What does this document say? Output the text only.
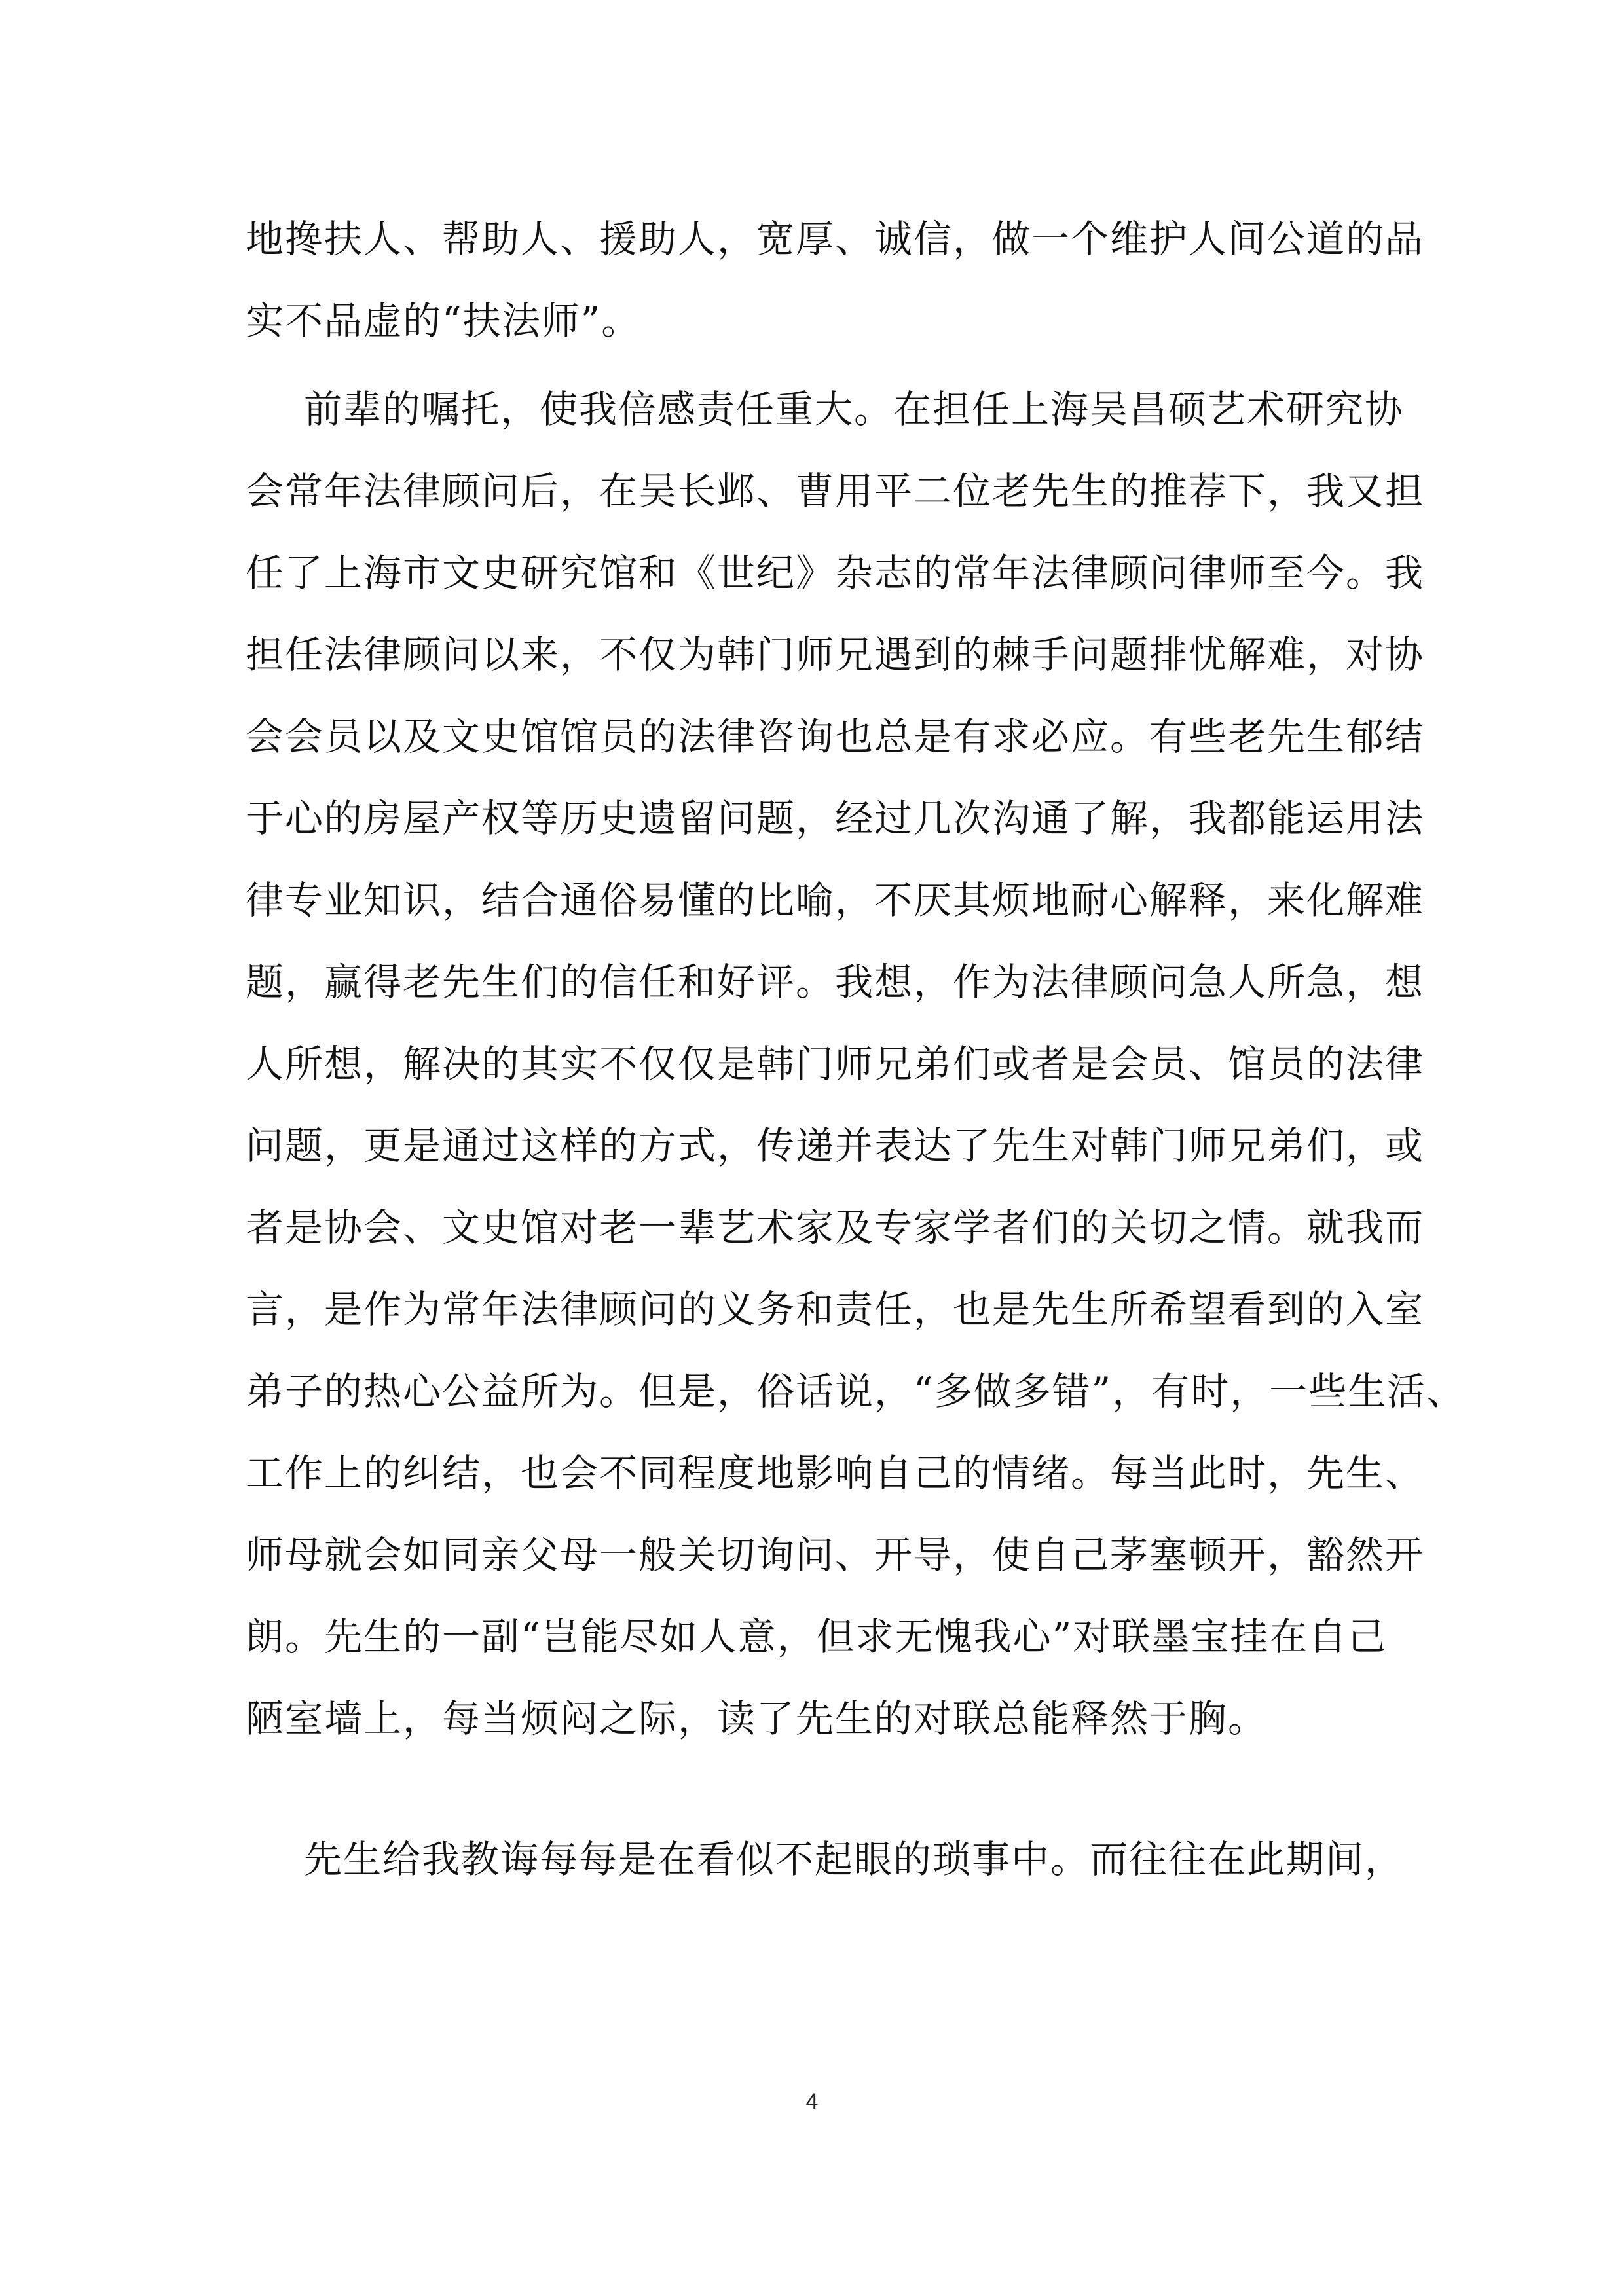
地搀扶人、帮助人、援助人，宽厚、诚信，做一个维护人间公道的品
实不品虚的“扶法师”。
前辈的嘱托，使我倍感责任重大。在担任上海吴昌硕艺术研究协
会常年法律顾问后，在吴长邺、曹用平二位老先生的推荐下，我又担
任了上海市文史研究馆和《世纪》杂志的常年法律顾问律师至今。我
担任法律顾问以来，不仅为韩门师兄遇到的棘手问题排忧解难，对协
会会员以及文史馆馆员的法律咨询也总是有求必应。有些老先生郁结
于心的房屋产权等历史遗留问题，经过几次沟通了解，我都能运用法
律专业知识，结合通俗易懂的比喻，不厌其烦地耐心解释，来化解难
题，赢得老先生们的信任和好评。我想，作为法律顾问急人所急，想
人所想，解决的其实不仅仅是韩门师兄弟们或者是会员、馆员的法律
问题，更是通过这样的方式，传递并表达了先生对韩门师兄弟们，或
者是协会、文史馆对老一辈艺术家及专家学者们的关切之情。就我而
言，是作为常年法律顾问的义务和责任，也是先生所希望看到的入室
弟子的热心公益所为。但是，俗话说，“多做多错”，有时，一些生活、
工作上的纠结，也会不同程度地影响自己的情绪。每当此时，先生、
师母就会如同亲父母一般关切询问、开导，使自己茅塞顿开，豁然开
朗。先生的一副“岂能尽如人意，但求无愧我心”对联墨宝挂在自己
陋室墙上，每当烦闷之际，读了先生的对联总能释然于胸。
先生给我教诲每每是在看似不起眼的琐事中。而往往在此期间，
4
